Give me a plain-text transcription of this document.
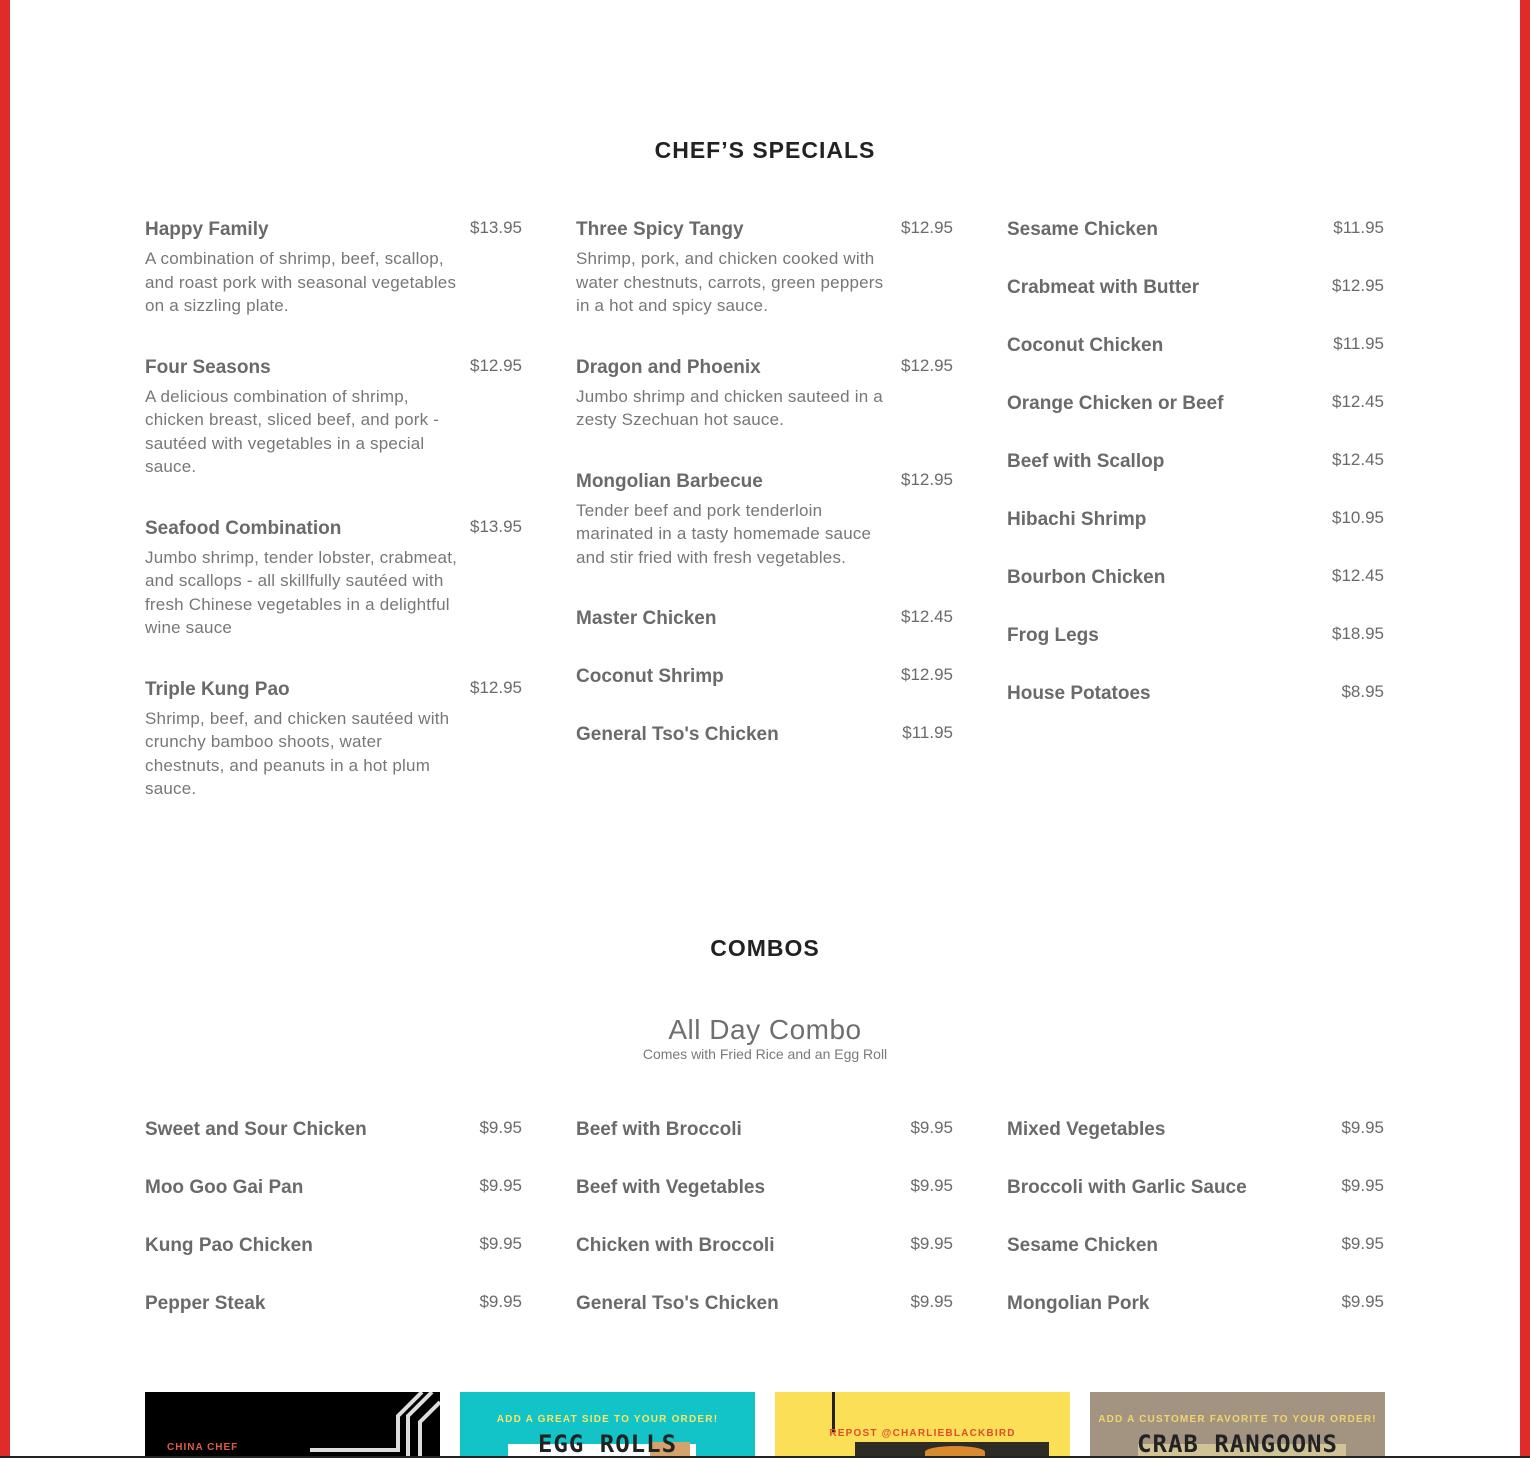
CHEF’S SPECIALS
Happy Family	$13.95
A combination of shrimp, beef, scallop, and roast pork with seasonal vegetables on a sizzling plate.
Four Seasons	$12.95
A delicious combination of shrimp, chicken breast, sliced beef, and pork - sautéed with vegetables in a special sauce.
Seafood Combination	$13.95
Jumbo shrimp, tender lobster, crabmeat, and scallops - all skillfully sautéed with fresh Chinese vegetables in a delightful wine sauce
Triple Kung Pao	$12.95
Shrimp, beef, and chicken sautéed with crunchy bamboo shoots, water chestnuts, and peanuts in a hot plum sauce.
Three Spicy Tangy	$12.95
Shrimp, pork, and chicken cooked with water chestnuts, carrots, green peppers in a hot and spicy sauce.
Dragon and Phoenix	$12.95
Jumbo shrimp and chicken sauteed in a zesty Szechuan hot sauce.
Mongolian Barbecue	$12.95
Tender beef and pork tenderloin marinated in a tasty homemade sauce and stir fried with fresh vegetables.
Master Chicken	$12.45
Coconut Shrimp	$12.95
General Tso's Chicken	$11.95
Sesame Chicken	$11.95
Crabmeat with Butter	$12.95
Coconut Chicken	$11.95
Orange Chicken or Beef	$12.45
Beef with Scallop	$12.45
Hibachi Shrimp	$10.95
Bourbon Chicken	$12.45
Frog Legs	$18.95
House Potatoes	$8.95
COMBOS
All Day Combo
Comes with Fried Rice and an Egg Roll
Sweet and Sour Chicken	$9.95
Moo Goo Gai Pan	$9.95
Kung Pao Chicken	$9.95
Pepper Steak	$9.95
Beef with Broccoli	$9.95
Beef with Vegetables	$9.95
Chicken with Broccoli	$9.95
General Tso's Chicken	$9.95
Mixed Vegetables	$9.95
Broccoli with Garlic Sauce	$9.95
Sesame Chicken	$9.95
Mongolian Pork	$9.95
CHINA CHEF
ADD A GREAT SIDE TO YOUR ORDER!
EGG ROLLS	REPOST @CHARLIEBLACKBIRD
ADD A CUSTOMER FAVORITE TO YOUR ORDER!
CRAB RANGOONS
